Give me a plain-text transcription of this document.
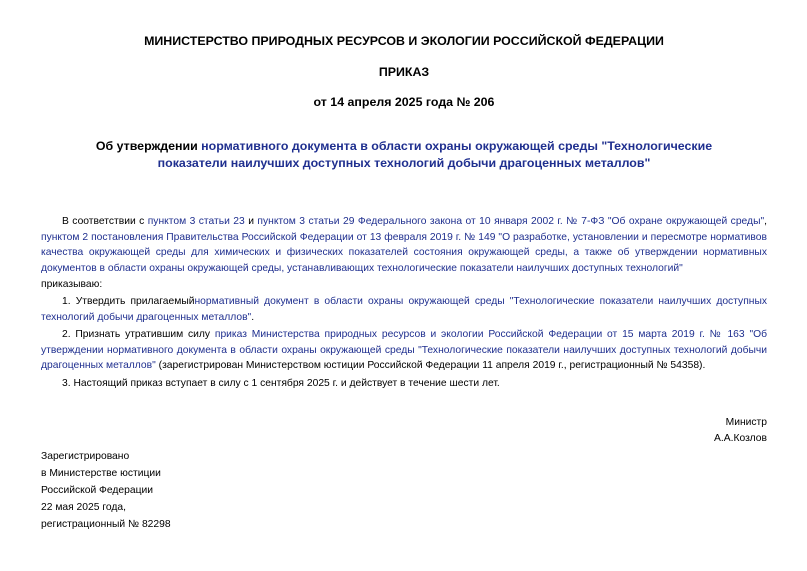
МИНИСТЕРСТВО ПРИРОДНЫХ РЕСУРСОВ И ЭКОЛОГИИ РОССИЙСКОЙ ФЕДЕРАЦИИ
ПРИКАЗ
от 14 апреля 2025 года № 206
Об утверждении нормативного документа в области охраны окружающей среды "Технологические показатели наилучших доступных технологий добычи драгоценных металлов"

В соответствии с пунктом 3 статьи 23 и пунктом 3 статьи 29 Федерального закона от 10 января 2002 г. № 7-ФЗ "Об охране окружающей среды", пунктом 2 постановления Правительства Российской Федерации от 13 февраля 2019 г. № 149 "О разработке, установлении и пересмотре нормативов качества окружающей среды для химических и физических показателей состояния окружающей среды, а также об утверждении нормативных документов в области охраны окружающей среды, устанавливающих технологические показатели наилучших доступных технологий"

приказываю:

1. Утвердить прилагаемыйнормативный документ в области охраны окружающей среды "Технологические показатели наилучших доступных технологий добычи драгоценных металлов".

2. Признать утратившим силу приказ Министерства природных ресурсов и экологии Российской Федерации от 15 марта 2019 г. № 163 "Об утверждении нормативного документа в области охраны окружающей среды "Технологические показатели наилучших доступных технологий добычи драгоценных металлов" (зарегистрирован Министерством юстиции Российской Федерации 11 апреля 2019 г., регистрационный № 54358).

3. Настоящий приказ вступает в силу с 1 сентября 2025 г. и действует в течение шести лет.

Министр
А.А.Козлов
Зарегистрировано
в Министерстве юстиции
Российской Федерации
22 мая 2025 года,
регистрационный № 82298
